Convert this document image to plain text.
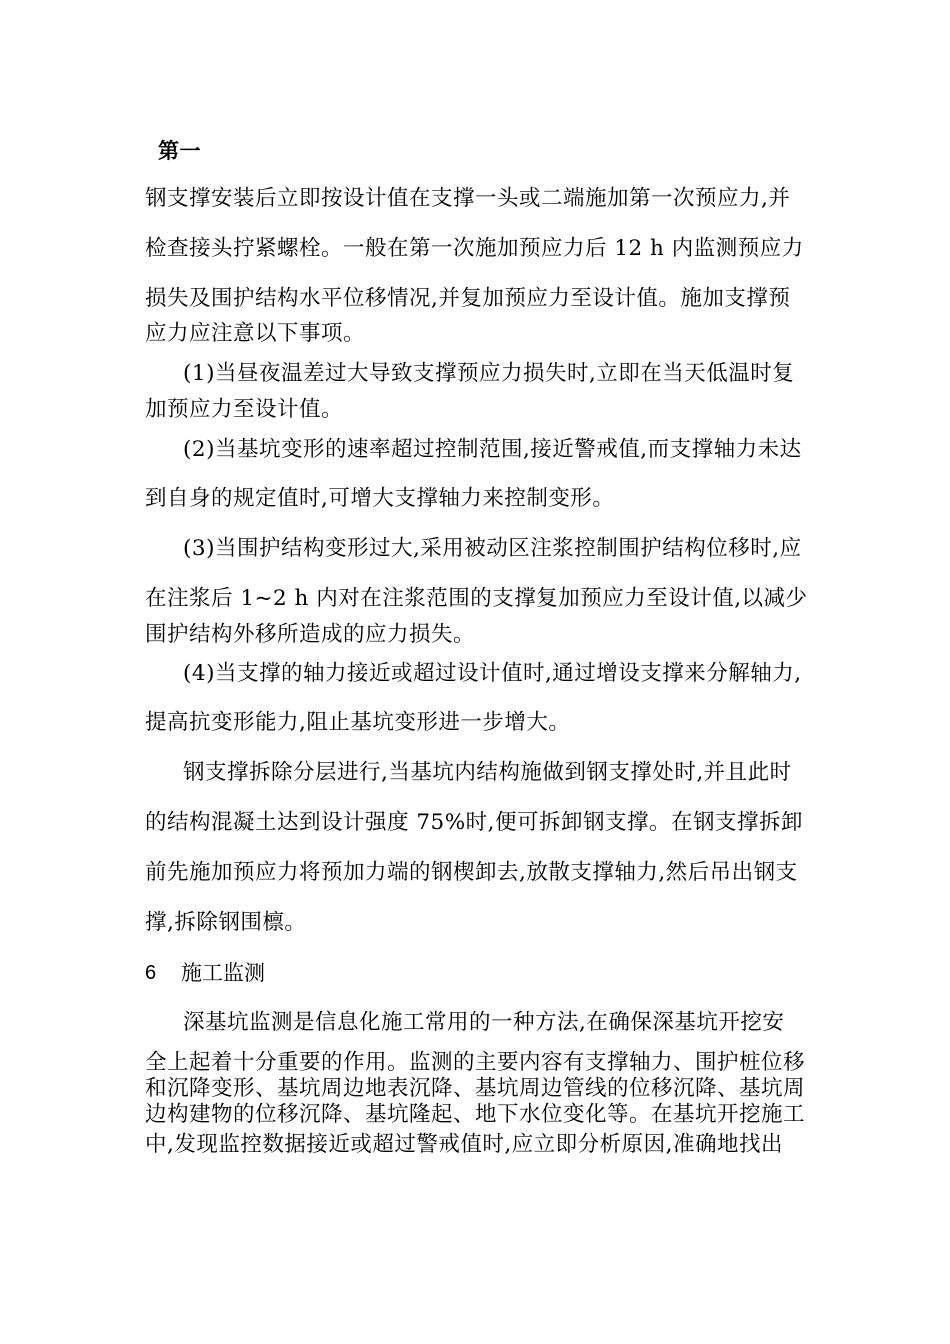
第一
钢支撑安装后立即按设计值在支撑一头或二端施加第一次预应力,并
检查接头拧紧螺栓。一般在第一次施加预应力后 12 h 内监测预应力
损失及围护结构水平位移情况,并复加预应力至设计值。施加支撑预
应力应注意以下事项。
(1)当昼夜温差过大导致支撑预应力损失时,立即在当天低温时复
加预应力至设计值。
(2)当基坑变形的速率超过控制范围,接近警戒值,而支撑轴力未达
到自身的规定值时,可增大支撑轴力来控制变形。
(3)当围护结构变形过大,采用被动区注浆控制围护结构位移时,应
在注浆后 1~2 h 内对在注浆范围的支撑复加预应力至设计值,以减少
围护结构外移所造成的应力损失。
(4)当支撑的轴力接近或超过设计值时,通过增设支撑来分解轴力,
提高抗变形能力,阻止基坑变形进一步增大。
钢支撑拆除分层进行,当基坑内结构施做到钢支撑处时,并且此时
的结构混凝土达到设计强度 75%时,便可拆卸钢支撑。在钢支撑拆卸
前先施加预应力将预加力端的钢楔卸去,放散支撑轴力,然后吊出钢支
撑,拆除钢围檩。
6 施工监测
深基坑监测是信息化施工常用的一种方法,在确保深基坑开挖安
全上起着十分重要的作用。监测的主要内容有支撑轴力、围护桩位移
和沉降变形、基坑周边地表沉降、基坑周边管线的位移沉降、基坑周
边构建物的位移沉降、基坑隆起、地下水位变化等。在基坑开挖施工
中,发现监控数据接近或超过警戒值时,应立即分析原因,准确地找出
